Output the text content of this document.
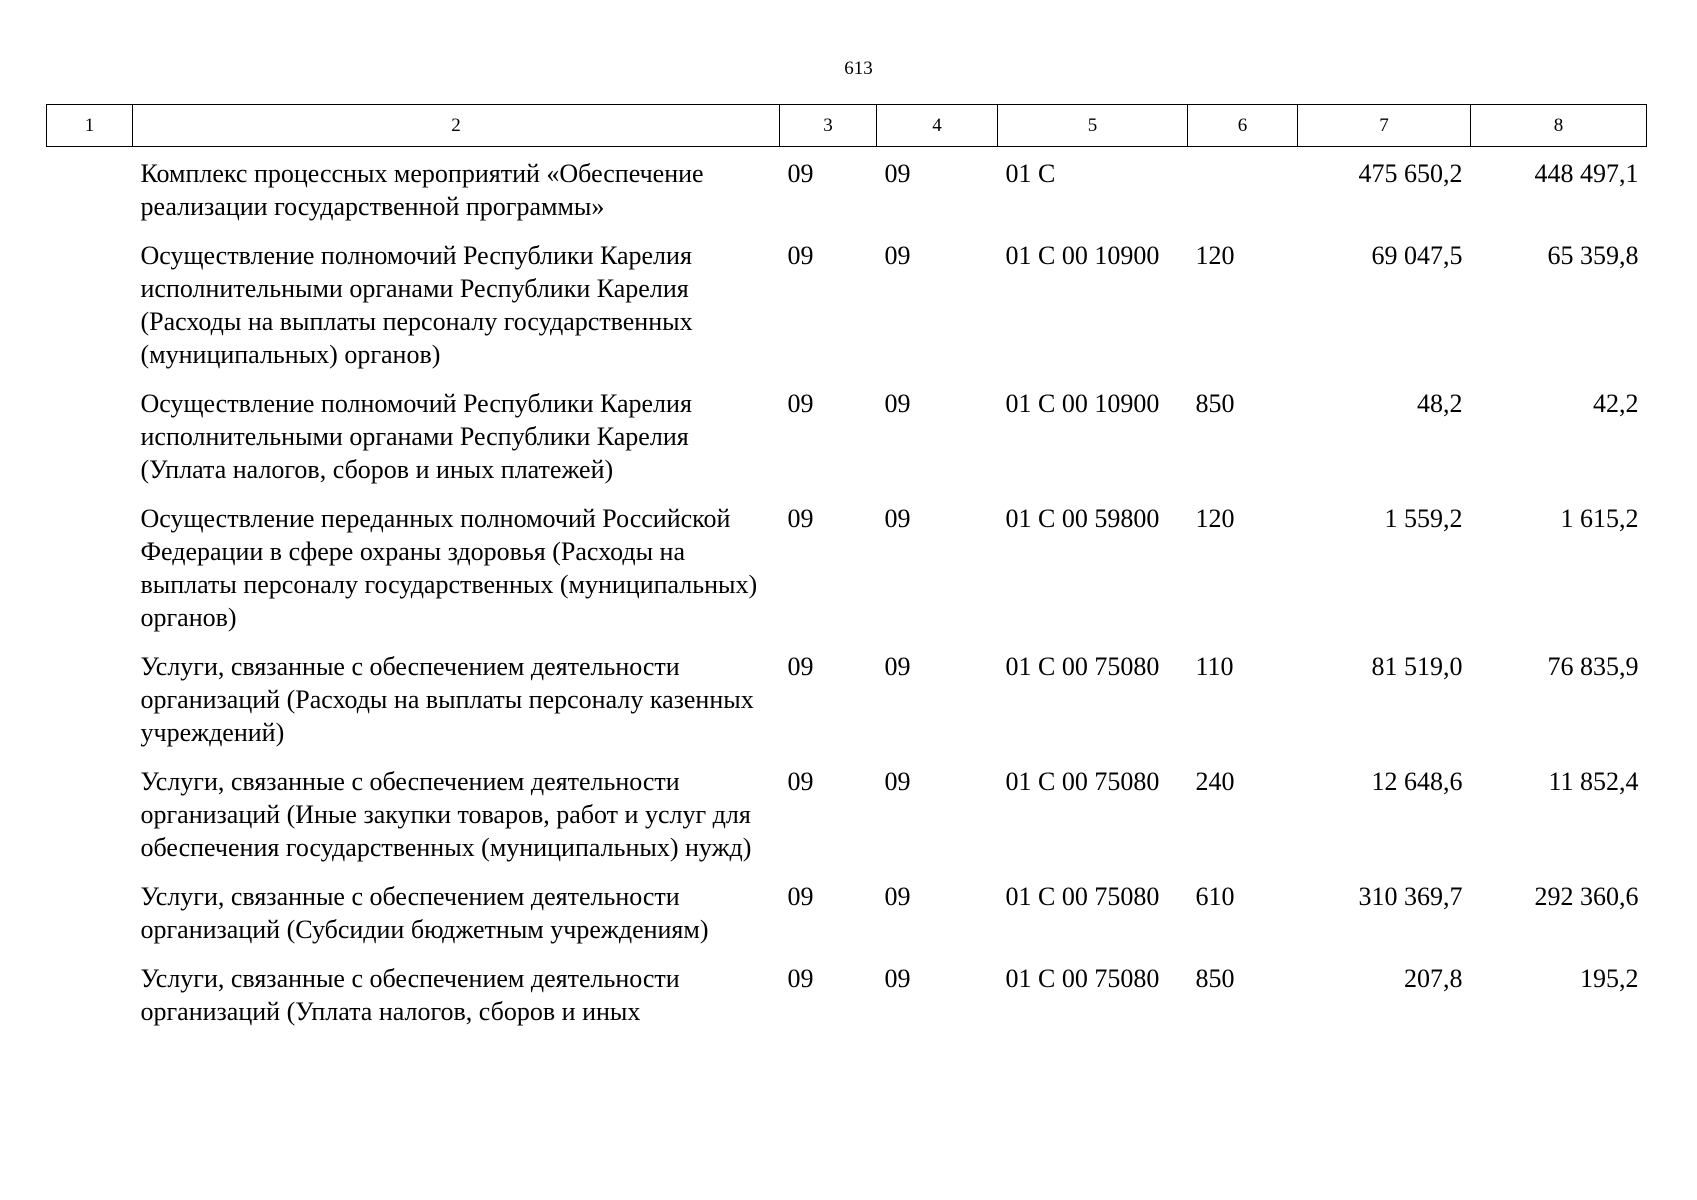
613
1	2	3	4	5	6	7	8
	Комплекс процессных мероприятий «Обеспечение реализации государственной программы»	09	09	01 С		475 650,2	448 497,1
	Осуществление полномочий Республики Карелия исполнительными органами Республики Карелия (Расходы на выплаты персоналу государственных (муниципальных) органов)	09	09	01 С 00 10900	120	69 047,5	65 359,8
	Осуществление полномочий Республики Карелия исполнительными органами Республики Карелия (Уплата налогов, сборов и иных платежей)	09	09	01 С 00 10900	850	48,2	42,2
	Осуществление переданных полномочий Российской Федерации в сфере охраны здоровья (Расходы на выплаты персоналу государственных (муниципальных) органов)	09	09	01 С 00 59800	120	1 559,2	1 615,2
	Услуги, связанные с обеспечением деятельности организаций (Расходы на выплаты персоналу казенных учреждений)	09	09	01 С 00 75080	110	81 519,0	76 835,9
	Услуги, связанные с обеспечением деятельности организаций (Иные закупки товаров, работ и услуг для обеспечения государственных (муниципальных) нужд)	09	09	01 С 00 75080	240	12 648,6	11 852,4
	Услуги, связанные с обеспечением деятельности организаций (Субсидии бюджетным учреждениям)	09	09	01 С 00 75080	610	310 369,7	292 360,6
	Услуги, связанные с обеспечением деятельности организаций (Уплата налогов, сборов и иных	09	09	01 С 00 75080	850	207,8	195,2
